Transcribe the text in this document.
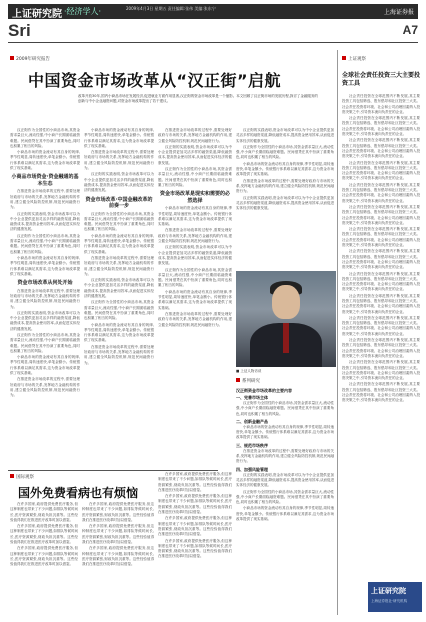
上证研究院 ·经济学人·	2009年4月3日 星期五 责任编辑:张伟 美编:张东宁
上海证券报
Sri	A7
2009年研究报告
中国资金市场改革从“汉正街”启航
改革开放30年,国内小商品市场在发展经济,促进就业方面作用显著,汉正街的资金市场改革是一个缩影。本文回顾了汉正街市场的发展历程,探讨了金融服务的创新与中小企业融资问题,对资金市场改革提出了若干建议。

汉正街作为全国性的小商品市场,其资金需求量巨大,流动性强,中小商户长期面临融资难题。民间借贷在其中扮演了重要角色,同时也积累了相当的风险。

小商品市场的资金流动有其自身的规律,季节性明显,周转速度快,单笔金额小。传统银行体系难以满足其需求,这为资金市场改革提供了现实基础。

小商品市场资金·资金融通的基本生态

在推进资金市场改革的过程中,需要处理好政府与市场的关系,发挥地方金融机构的作用,建立健全风险防控机制,规范民间融资行为。

汉正街的实践表明,资金市场改革可以为中小企业提供更加灵活多样的融资渠道,降低融资成本,提高资金使用效率,从而促进实体经济的健康发展。

汉正街作为全国性的小商品市场,其资金需求量巨大,流动性强,中小商户长期面临融资难题。民间借贷在其中扮演了重要角色,同时也积累了相当的风险。

小商品市场的资金流动有其自身的规律,季节性明显,周转速度快,单笔金额小。传统银行体系难以满足其需求,这为资金市场改革提供了现实基础。

资金市场改革从何处开始

在推进资金市场改革的过程中,需要处理好政府与市场的关系,发挥地方金融机构的作用,建立健全风险防控机制,规范民间融资行为。

汉正街的实践表明,资金市场改革可以为中小企业提供更加灵活多样的融资渠道,降低融资成本,提高资金使用效率,从而促进实体经济的健康发展。

汉正街作为全国性的小商品市场,其资金需求量巨大,流动性强,中小商户长期面临融资难题。民间借贷在其中扮演了重要角色,同时也积累了相当的风险。

小商品市场的资金流动有其自身的规律,季节性明显,周转速度快,单笔金额小。传统银行体系难以满足其需求,这为资金市场改革提供了现实基础。

在推进资金市场改革的过程中,需要处理好政府与市场的关系,发挥地方金融机构的作用,建立健全风险防控机制,规范民间融资行为。

小商品市场的资金流动有其自身的规律,季节性明显,周转速度快,单笔金额小。传统银行体系难以满足其需求,这为资金市场改革提供了现实基础。

在推进资金市场改革的过程中,需要处理好政府与市场的关系,发挥地方金融机构的作用,建立健全风险防控机制,规范民间融资行为。

汉正街的实践表明,资金市场改革可以为中小企业提供更加灵活多样的融资渠道,降低融资成本,提高资金使用效率,从而促进实体经济的健康发展。

资金市场改革·中国金融改革的前奏一步

汉正街作为全国性的小商品市场,其资金需求量巨大,流动性强,中小商户长期面临融资难题。民间借贷在其中扮演了重要角色,同时也积累了相当的风险。

小商品市场的资金流动有其自身的规律,季节性明显,周转速度快,单笔金额小。传统银行体系难以满足其需求,这为资金市场改革提供了现实基础。

在推进资金市场改革的过程中,需要处理好政府与市场的关系,发挥地方金融机构的作用,建立健全风险防控机制,规范民间融资行为。

汉正街的实践表明,资金市场改革可以为中小企业提供更加灵活多样的融资渠道,降低融资成本,提高资金使用效率,从而促进实体经济的健康发展。

汉正街作为全国性的小商品市场,其资金需求量巨大,流动性强,中小商户长期面临融资难题。民间借贷在其中扮演了重要角色,同时也积累了相当的风险。

小商品市场的资金流动有其自身的规律,季节性明显,周转速度快,单笔金额小。传统银行体系难以满足其需求,这为资金市场改革提供了现实基础。

在推进资金市场改革的过程中,需要处理好政府与市场的关系,发挥地方金融机构的作用,建立健全风险防控机制,规范民间融资行为。

在推进资金市场改革的过程中,需要处理好政府与市场的关系,发挥地方金融机构的作用,建立健全风险防控机制,规范民间融资行为。

汉正街的实践表明,资金市场改革可以为中小企业提供更加灵活多样的融资渠道,降低融资成本,提高资金使用效率,从而促进实体经济的健康发展。

汉正街作为全国性的小商品市场,其资金需求量巨大,流动性强,中小商户长期面临融资难题。民间借贷在其中扮演了重要角色,同时也积累了相当的风险。

资金市场改革是现实和需要的必然选择

小商品市场的资金流动有其自身的规律,季节性明显,周转速度快,单笔金额小。传统银行体系难以满足其需求,这为资金市场改革提供了现实基础。

在推进资金市场改革的过程中,需要处理好政府与市场的关系,发挥地方金融机构的作用,建立健全风险防控机制,规范民间融资行为。

汉正街的实践表明,资金市场改革可以为中小企业提供更加灵活多样的融资渠道,降低融资成本,提高资金使用效率,从而促进实体经济的健康发展。

汉正街作为全国性的小商品市场,其资金需求量巨大,流动性强,中小商户长期面临融资难题。民间借贷在其中扮演了重要角色,同时也积累了相当的风险。

小商品市场的资金流动有其自身的规律,季节性明显,周转速度快,单笔金额小。传统银行体系难以满足其需求,这为资金市场改革提供了现实基础。

在推进资金市场改革的过程中,需要处理好政府与市场的关系,发挥地方金融机构的作用,建立健全风险防控机制,规范民间融资行为。

汉正街的实践表明,资金市场改革可以为中小企业提供更加灵活多样的融资渠道,降低融资成本,提高资金使用效率,从而促进实体经济的健康发展。

汉正街作为全国性的小商品市场,其资金需求量巨大,流动性强,中小商户长期面临融资难题。民间借贷在其中扮演了重要角色,同时也积累了相当的风险。

小商品市场的资金流动有其自身的规律,季节性明显,周转速度快,单笔金额小。传统银行体系难以满足其需求,这为资金市场改革提供了现实基础。

在推进资金市场改革的过程中,需要处理好政府与市场的关系,发挥地方金融机构的作用,建立健全风险防控机制,规范民间融资行为。

汉正街的实践表明,资金市场改革可以为中小企业提供更加灵活多样的融资渠道,降低融资成本,提高资金使用效率,从而促进实体经济的健康发展。

■ 上证人物访谈
系列研究
汉正街资金市场改革的主要内容
一、完善市场主体

汉正街作为全国性的小商品市场,其资金需求量巨大,流动性强,中小商户长期面临融资难题。民间借贷在其中扮演了重要角色,同时也积累了相当的风险。

二、创新金融产品

小商品市场的资金流动有其自身的规律,季节性明显,周转速度快,单笔金额小。传统银行体系难以满足其需求,这为资金市场改革提供了现实基础。

三、规范市场秩序

在推进资金市场改革的过程中,需要处理好政府与市场的关系,发挥地方金融机构的作用,建立健全风险防控机制,规范民间融资行为。

四、加强风险管理

汉正街的实践表明,资金市场改革可以为中小企业提供更加灵活多样的融资渠道,降低融资成本,提高资金使用效率,从而促进实体经济的健康发展。

汉正街作为全国性的小商品市场,其资金需求量巨大,流动性强,中小商户长期面临融资难题。民间借贷在其中扮演了重要角色,同时也积累了相当的风险。

小商品市场的资金流动有其自身的规律,季节性明显,周转速度快,单笔金额小。传统银行体系难以满足其需求,这为资金市场改革提供了现实基础。

国际观察
国外免费看病也有烦恼

在许多国家,政府提供免费医疗服务,但这种制度也带来了不少问题,如排队等候时间长,医疗资源紧张,财政负担沉重等。这些经验值得我们在推进医疗改革时加以借鉴。

在许多国家,政府提供免费医疗服务,但这种制度也带来了不少问题,如排队等候时间长,医疗资源紧张,财政负担沉重等。这些经验值得我们在推进医疗改革时加以借鉴。

在许多国家,政府提供免费医疗服务,但这种制度也带来了不少问题,如排队等候时间长,医疗资源紧张,财政负担沉重等。这些经验值得我们在推进医疗改革时加以借鉴。

在许多国家,政府提供免费医疗服务,但这种制度也带来了不少问题,如排队等候时间长,医疗资源紧张,财政负担沉重等。这些经验值得我们在推进医疗改革时加以借鉴。

在许多国家,政府提供免费医疗服务,但这种制度也带来了不少问题,如排队等候时间长,医疗资源紧张,财政负担沉重等。这些经验值得我们在推进医疗改革时加以借鉴。

在许多国家,政府提供免费医疗服务,但这种制度也带来了不少问题,如排队等候时间长,医疗资源紧张,财政负担沉重等。这些经验值得我们在推进医疗改革时加以借鉴。

在许多国家,政府提供免费医疗服务,但这种制度也带来了不少问题,如排队等候时间长,医疗资源紧张,财政负担沉重等。这些经验值得我们在推进医疗改革时加以借鉴。

在许多国家,政府提供免费医疗服务,但这种制度也带来了不少问题,如排队等候时间长,医疗资源紧张,财政负担沉重等。这些经验值得我们在推进医疗改革时加以借鉴。

在许多国家,政府提供免费医疗服务,但这种制度也带来了不少问题,如排队等候时间长,医疗资源紧张,财政负担沉重等。这些经验值得我们在推进医疗改革时加以借鉴。

在许多国家,政府提供免费医疗服务,但这种制度也带来了不少问题,如排队等候时间长,医疗资源紧张,财政负担沉重等。这些经验值得我们在推进医疗改革时加以借鉴。

上证观察
全球社会责任投资三大主要投资工具

社会责任投资在全球范围内不断发展,其主要投资工具包括筛选、股东倡导和社区投资三大类。社会责任投资将环境、社会和公司治理因素纳入投资决策之中,引导资本流向负责任的企业。

社会责任投资在全球范围内不断发展,其主要投资工具包括筛选、股东倡导和社区投资三大类。社会责任投资将环境、社会和公司治理因素纳入投资决策之中,引导资本流向负责任的企业。

社会责任投资在全球范围内不断发展,其主要投资工具包括筛选、股东倡导和社区投资三大类。社会责任投资将环境、社会和公司治理因素纳入投资决策之中,引导资本流向负责任的企业。

社会责任投资在全球范围内不断发展,其主要投资工具包括筛选、股东倡导和社区投资三大类。社会责任投资将环境、社会和公司治理因素纳入投资决策之中,引导资本流向负责任的企业。

社会责任投资在全球范围内不断发展,其主要投资工具包括筛选、股东倡导和社区投资三大类。社会责任投资将环境、社会和公司治理因素纳入投资决策之中,引导资本流向负责任的企业。

社会责任投资在全球范围内不断发展,其主要投资工具包括筛选、股东倡导和社区投资三大类。社会责任投资将环境、社会和公司治理因素纳入投资决策之中,引导资本流向负责任的企业。

社会责任投资在全球范围内不断发展,其主要投资工具包括筛选、股东倡导和社区投资三大类。社会责任投资将环境、社会和公司治理因素纳入投资决策之中,引导资本流向负责任的企业。

社会责任投资在全球范围内不断发展,其主要投资工具包括筛选、股东倡导和社区投资三大类。社会责任投资将环境、社会和公司治理因素纳入投资决策之中,引导资本流向负责任的企业。

社会责任投资在全球范围内不断发展,其主要投资工具包括筛选、股东倡导和社区投资三大类。社会责任投资将环境、社会和公司治理因素纳入投资决策之中,引导资本流向负责任的企业。

社会责任投资在全球范围内不断发展,其主要投资工具包括筛选、股东倡导和社区投资三大类。社会责任投资将环境、社会和公司治理因素纳入投资决策之中,引导资本流向负责任的企业。

社会责任投资在全球范围内不断发展,其主要投资工具包括筛选、股东倡导和社区投资三大类。社会责任投资将环境、社会和公司治理因素纳入投资决策之中,引导资本流向负责任的企业。

社会责任投资在全球范围内不断发展,其主要投资工具包括筛选、股东倡导和社区投资三大类。社会责任投资将环境、社会和公司治理因素纳入投资决策之中,引导资本流向负责任的企业。

社会责任投资在全球范围内不断发展,其主要投资工具包括筛选、股东倡导和社区投资三大类。社会责任投资将环境、社会和公司治理因素纳入投资决策之中,引导资本流向负责任的企业。

社会责任投资在全球范围内不断发展,其主要投资工具包括筛选、股东倡导和社区投资三大类。社会责任投资将环境、社会和公司治理因素纳入投资决策之中,引导资本流向负责任的企业。

上证研究院
上海证券报社·研究机构
